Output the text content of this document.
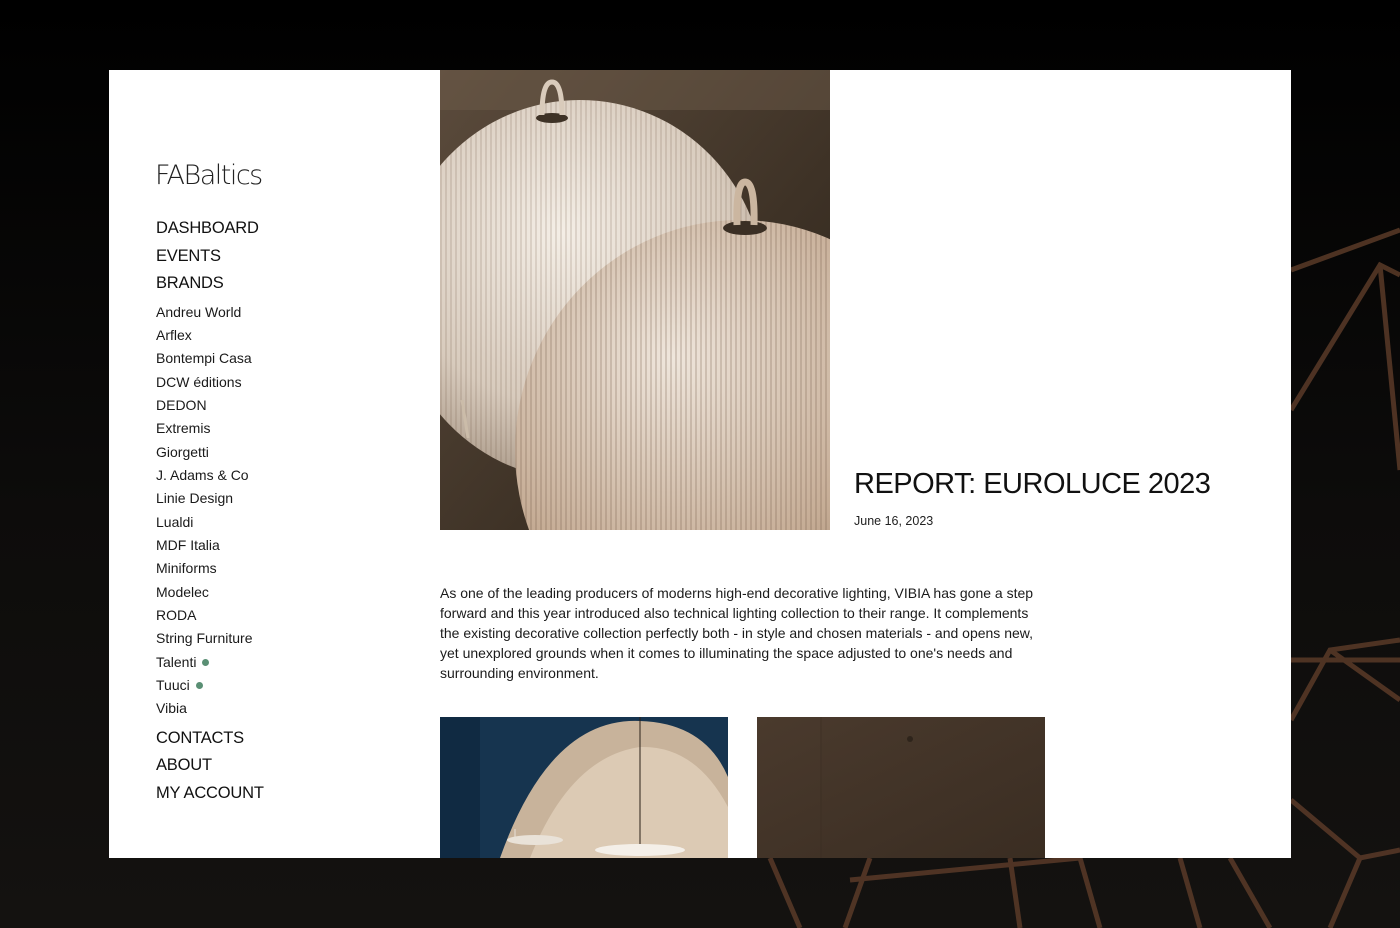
FABaltics
DASHBOARD
EVENTS
BRANDS
Andreu World
Arflex
Bontempi Casa
DCW éditions
DEDON
Extremis
Giorgetti
J. Adams & Co
Linie Design
Lualdi
MDF Italia
Miniforms
Modelec
RODA
String Furniture
Talenti
Tuuci
Vibia
CONTACTS
ABOUT
MY ACCOUNT
REPORT: EUROLUCE 2023
June 16, 2023

As one of the leading producers of moderns high-end decorative lighting, VIBIA has gone a step forward and this year introduced also technical lighting collection to their range. It complements the existing decorative collection perfectly both - in style and chosen materials - and opens new, yet unexplored grounds when it comes to illuminating the space adjusted to one's needs and surrounding environment.
